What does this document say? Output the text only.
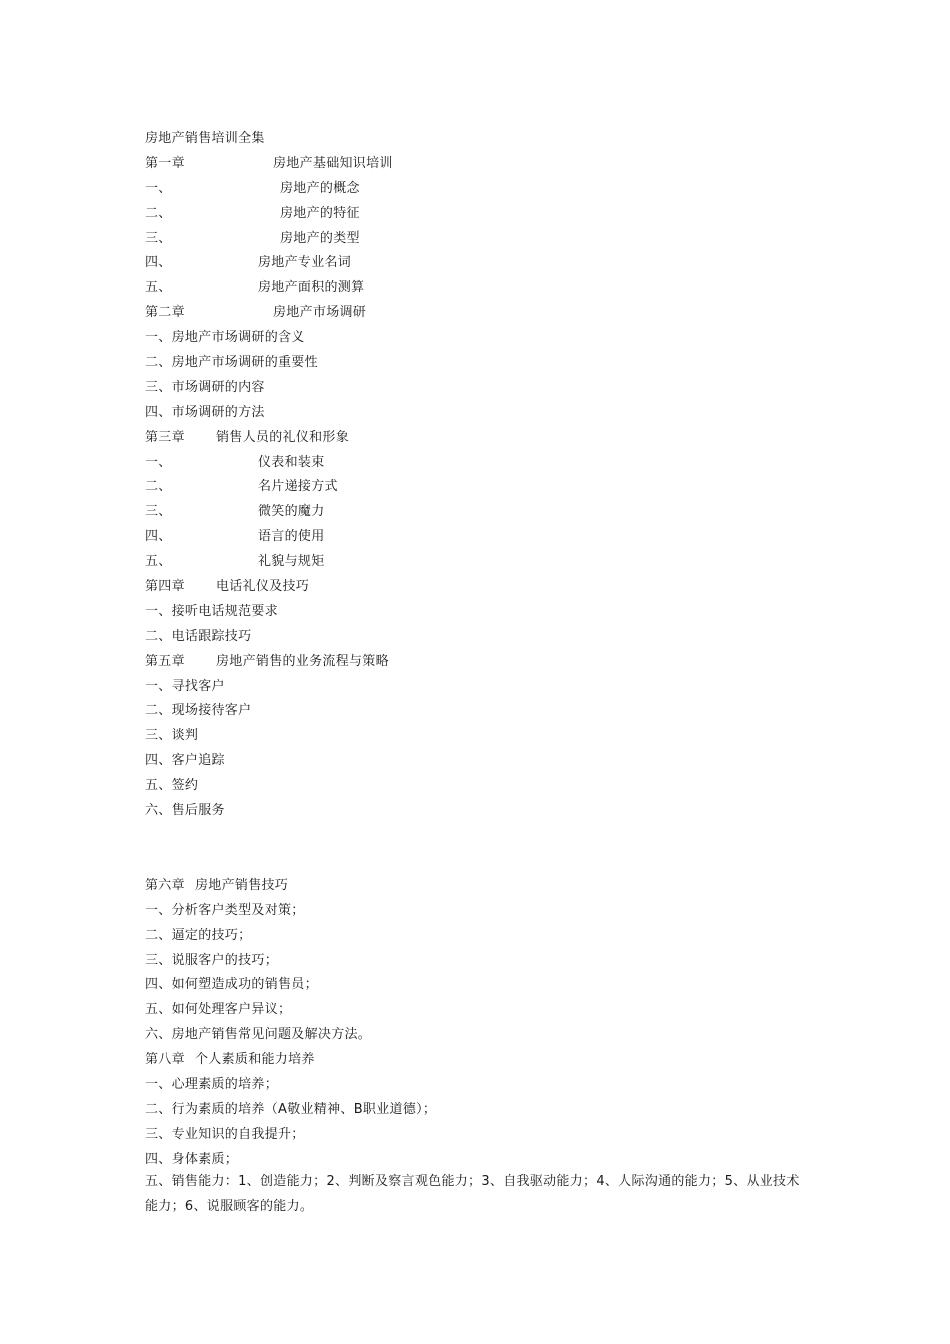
房地产销售培训全集
第一章	房地产基础知识培训
一、	房地产的概念
二、	房地产的特征
三、	房地产的类型
四、	房地产专业名词
五、	房地产面积的测算
第二章	房地产市场调研
一、房地产市场调研的含义
二、房地产市场调研的重要性
三、市场调研的内容
四、市场调研的方法
第三章	销售人员的礼仪和形象
一、	仪表和装束
二、	名片递接方式
三、	微笑的魔力
四、	语言的使用
五、	礼貌与规矩
第四章	电话礼仪及技巧
一、接听电话规范要求
二、电话跟踪技巧
第五章	房地产销售的业务流程与策略
一、寻找客户
二、现场接待客户
三、谈判
四、客户追踪
五、签约
六、售后服务
第六章 房地产销售技巧
一、分析客户类型及对策；
二、逼定的技巧；
三、说服客户的技巧；
四、如何塑造成功的销售员；
五、如何处理客户异议；
六、房地产销售常见问题及解决方法。
第八章 个人素质和能力培养
一、心理素质的培养；
二、行为素质的培养（A敬业精神、B职业道德）；
三、专业知识的自我提升；
四、身体素质；
五、销售能力：1、创造能力；2、判断及察言观色能力；3、自我驱动能力；4、人际沟通的能力；5、从业技术能力；6、说服顾客的能力。
